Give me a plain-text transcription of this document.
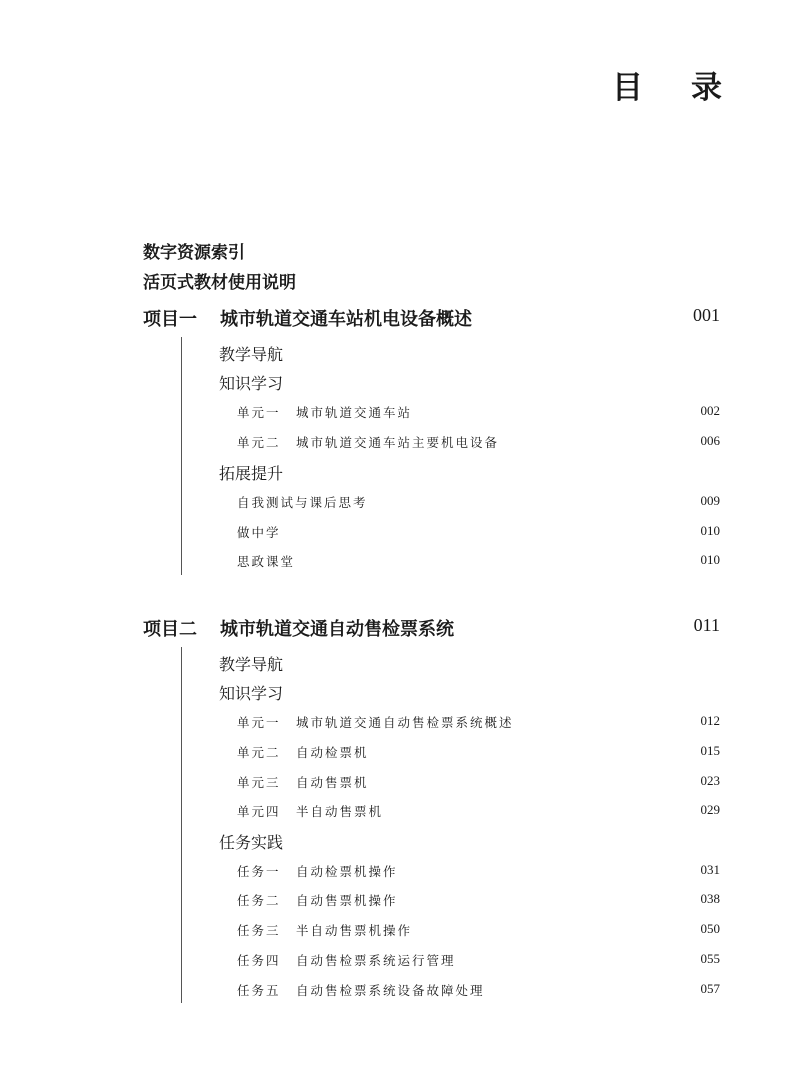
目录
数字资源索引
活页式教材使用说明
项目一 城市轨道交通车站机电设备概述	001
教学导航
知识学习
单元一 城市轨道交通车站	002
单元二 城市轨道交通车站主要机电设备	006
拓展提升
自我测试与课后思考	009
做中学	010
思政课堂	010
项目二 城市轨道交通自动售检票系统	011
教学导航
知识学习
单元一 城市轨道交通自动售检票系统概述	012
单元二 自动检票机	015
单元三 自动售票机	023
单元四 半自动售票机	029
任务实践
任务一 自动检票机操作	031
任务二 自动售票机操作	038
任务三 半自动售票机操作	050
任务四 自动售检票系统运行管理	055
任务五 自动售检票系统设备故障处理	057
